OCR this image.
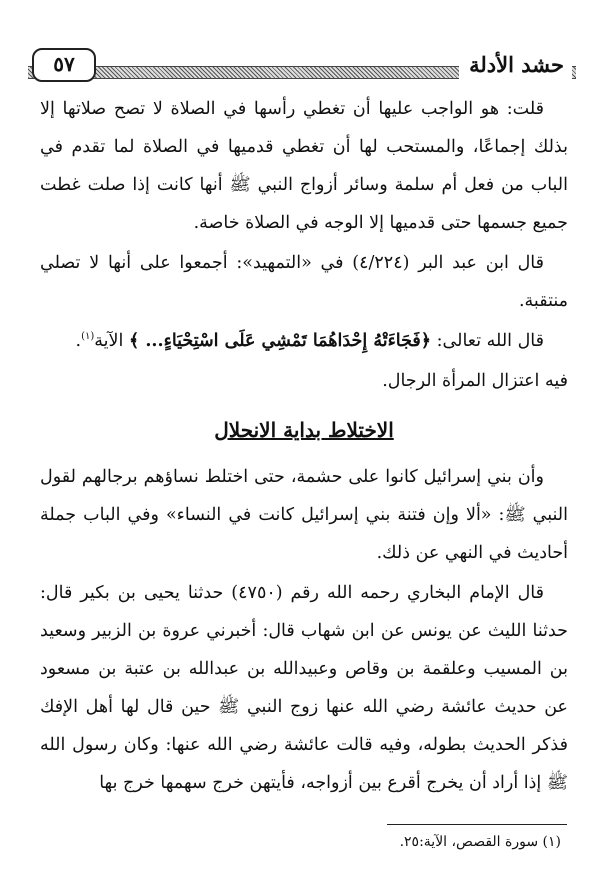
حشد الأدلة
٥٧

قلت: هو الواجب عليها أن تغطي رأسها في الصلاة لا تصح صلاتها إلا بذلك إجماعًا، والمستحب لها أن تغطي قدميها في الصلاة لما تقدم في الباب من فعل أم سلمة وسائر أزواج النبي ﷺ أنها كانت إذا صلت غطت جميع جسمها حتى قدميها إلا الوجه في الصلاة خاصة.

قال ابن عبد البر (٤/٢٢٤) في «التمهيد»: أجمعوا على أنها لا تصلي منتقبة.

قال الله تعالى: ﴿فَجَاءَتْهُ إِحْدَاهُمَا تَمْشِي عَلَى اسْتِحْيَاءٍ... ﴾ الآية$^{(١)}$.

فيه اعتزال المرأة الرجال.

الاختلاط بداية الانحلال

وأن بني إسرائيل كانوا على حشمة، حتى اختلط نساؤهم برجالهم لقول النبي ﷺ: «ألا وإن فتنة بني إسرائيل كانت في النساء» وفي الباب جملة أحاديث في النهي عن ذلك.

قال الإمام البخاري رحمه الله رقم (٤٧٥٠) حدثنا يحيى بن بكير قال: حدثنا الليث عن يونس عن ابن شهاب قال: أخبرني عروة بن الزبير وسعيد بن المسيب وعلقمة بن وقاص وعبيدالله بن عبدالله بن عتبة بن مسعود عن حديث عائشة رضي الله عنها زوج النبي ﷺ حين قال لها أهل الإفك فذكر الحديث بطوله، وفيه قالت عائشة رضي الله عنها: وكان رسول الله ﷺ إذا أراد أن يخرج أقرع بين أزواجه، فأيتهن خرج سهمها خرج بها

(١) سورة القصص، الآية:٢٥.
